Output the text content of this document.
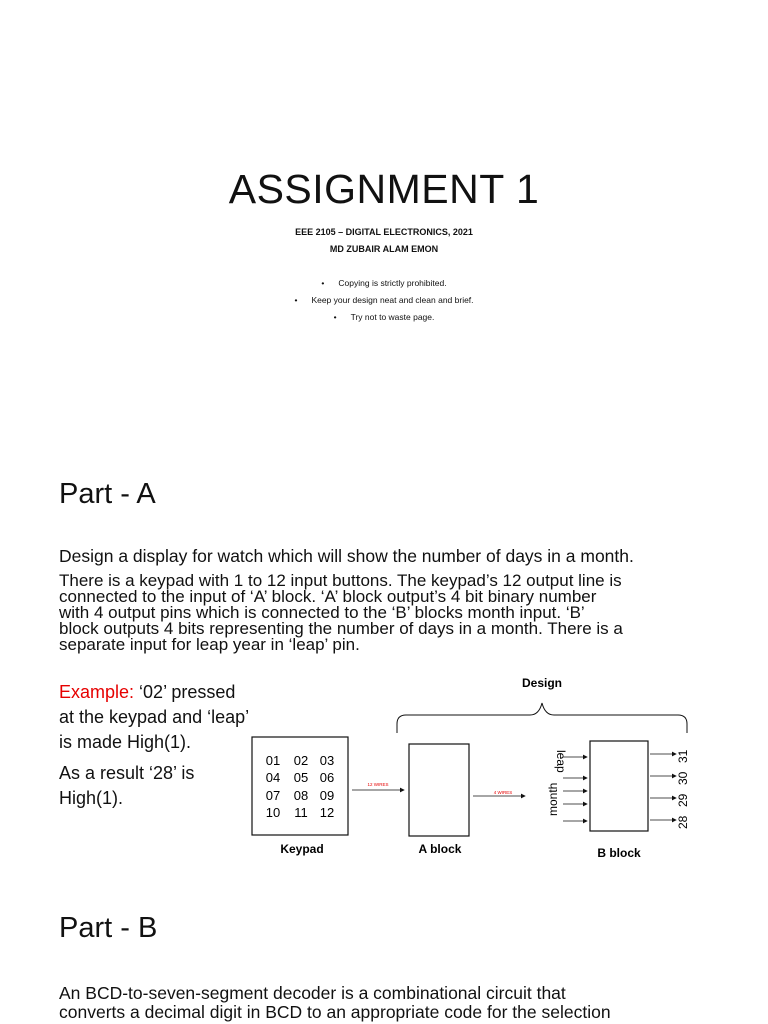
ASSIGNMENT 1
EEE 2105 – DIGITAL ELECTRONICS, 2021
MD ZUBAIR ALAM EMON
• Copying is strictly prohibited.
• Keep your design neat and clean and brief.
• Try not to waste page.
Part - A
Design a display for watch which will show the number of days in a month.
There is a keypad with 1 to 12 input buttons. The keypad’s 12 output line is
connected to the input of ‘A’ block. ‘A’ block output’s 4 bit binary number
with 4 output pins which is connected to the ‘B’ blocks month input. ‘B’
block outputs 4 bits representing the number of days in a month. There is a
separate input for leap year in ‘leap’ pin.

Example: ‘02’ pressed at the keypad and ‘leap’ is made High(1).

As a result ‘28’ is High(1).

Design
01 02 03
04 05 06
07 08 09
10 11 12
Keypad
12 WIRES
A block
4 WIRES
B block
leap
month
31
30
29
28
Part - B
An BCD-to-seven-segment decoder is a combinational circuit that
converts a decimal digit in BCD to an appropriate code for the selection
